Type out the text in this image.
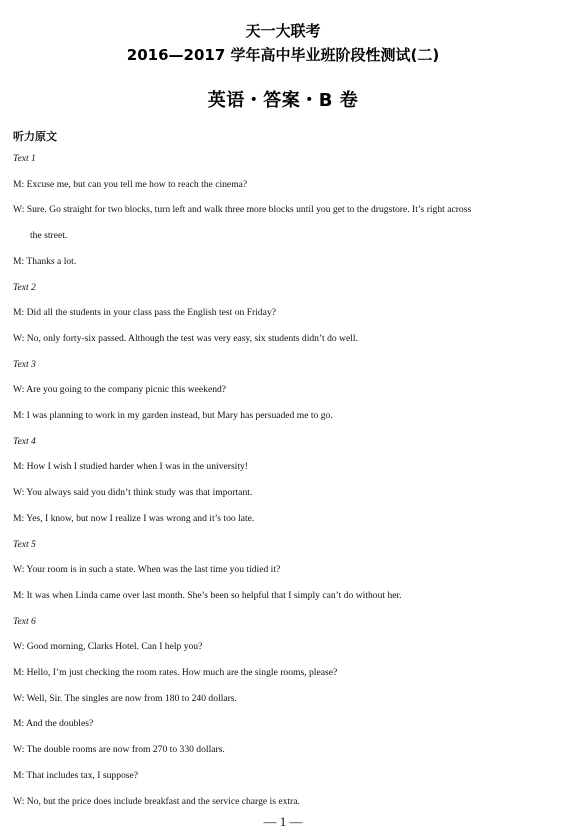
天一大联考
2016—2017 学年高中毕业班阶段性测试(二)
英语・答案・B 卷
听力原文
Text 1
M: Excuse me, but can you tell me how to reach the cinema?
W: Sure. Go straight for two blocks, turn left and walk three more blocks until you get to the drugstore. It’s right across
the street.
M: Thanks a lot.
Text 2
M: Did all the students in your class pass the English test on Friday?
W: No, only forty-six passed. Although the test was very easy, six students didn’t do well.
Text 3
W: Are you going to the company picnic this weekend?
M: I was planning to work in my garden instead, but Mary has persuaded me to go.
Text 4
M: How I wish I studied harder when I was in the university!
W: You always said you didn’t think study was that important.
M: Yes, I know, but now I realize I was wrong and it’s too late.
Text 5
W: Your room is in such a state. When was the last time you tidied it?
M: It was when Linda came over last month. She’s been so helpful that I simply can’t do without her.
Text 6
W: Good morning, Clarks Hotel. Can I help you?
M: Hello, I’m just checking the room rates. How much are the single rooms, please?
W: Well, Sir. The singles are now from 180 to 240 dollars.
M: And the doubles?
W: The double rooms are now from 270 to 330 dollars.
M: That includes tax, I suppose?
W: No, but the price does include breakfast and the service charge is extra.
— 1 —
